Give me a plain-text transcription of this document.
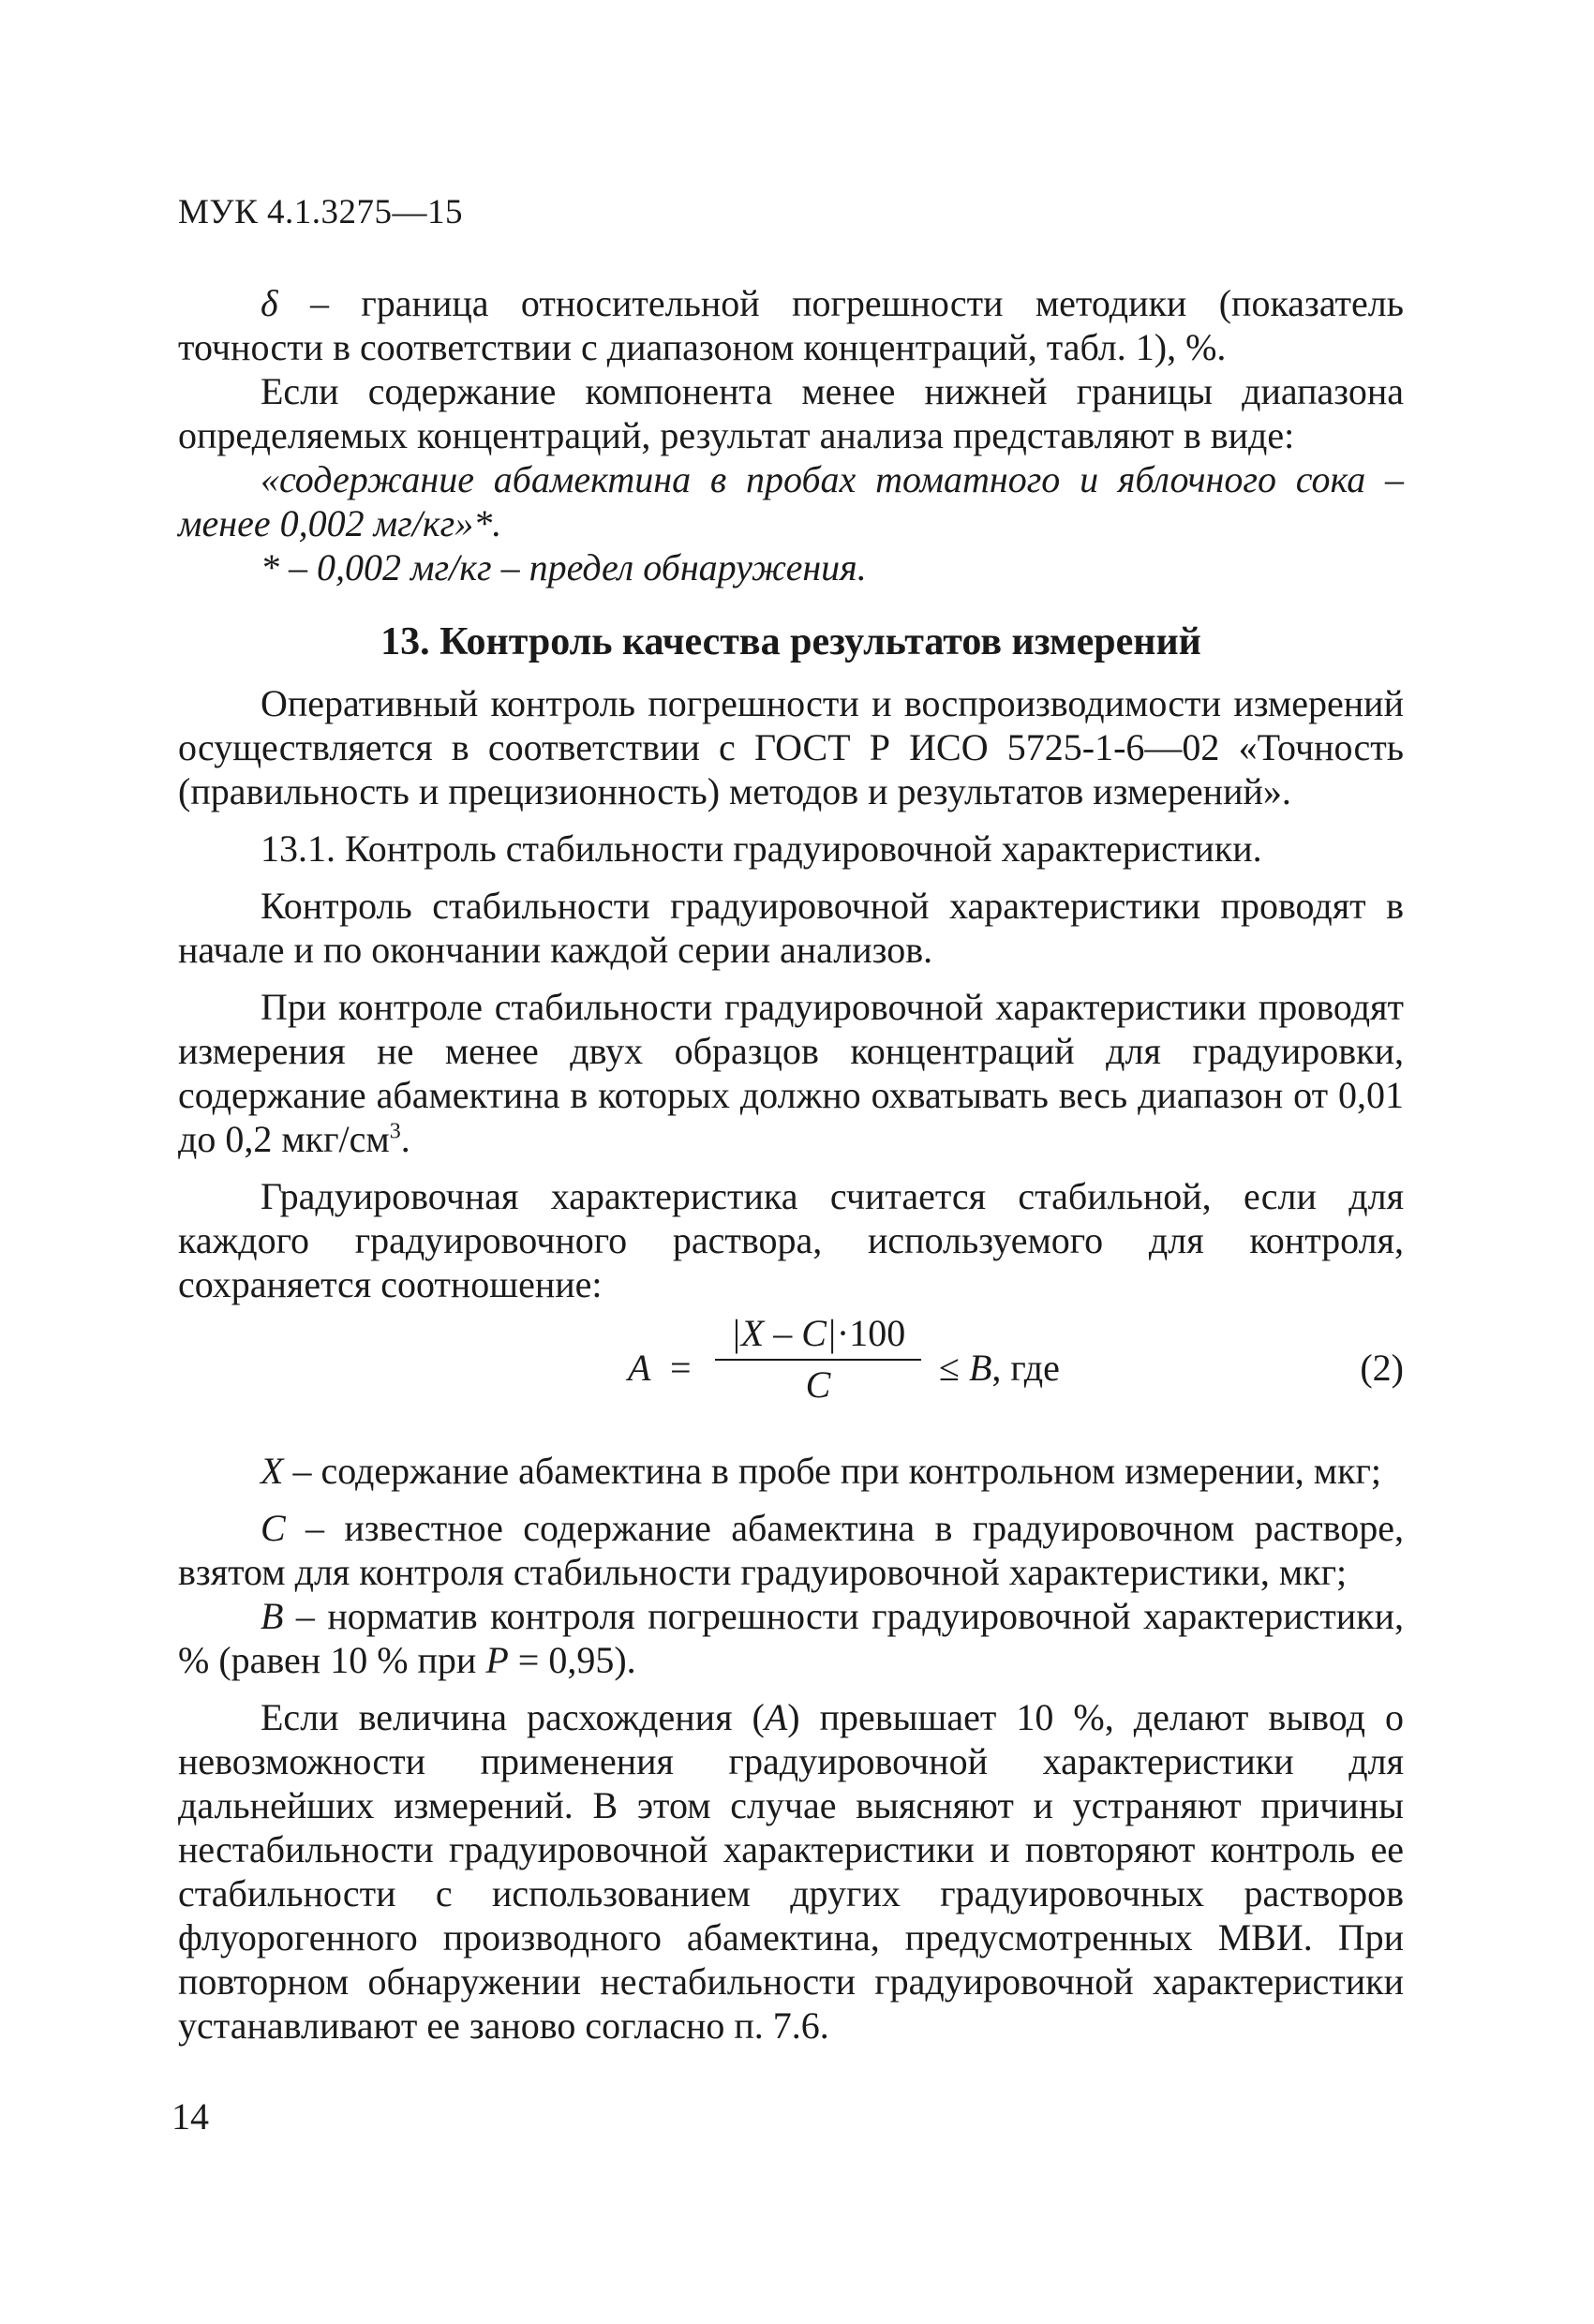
МУК 4.1.3275—15

δ – граница относительной погрешности методики (показатель точности в соответствии с диапазоном концентраций, табл. 1), %.

Если содержание компонента менее нижней границы диапазона определяемых концентраций, результат анализа представляют в виде:

«содержание абамектина в пробах томатного и яблочного сока – менее 0,002 мг/кг»*.

* – 0,002 мг/кг – предел обнаружения.

13. Контроль качества результатов измерений

Оперативный контроль погрешности и воспроизводимости измерений осуществляется в соответствии с ГОСТ Р ИСО 5725-1-6—02 «Точность (правильность и прецизионность) методов и результатов измерений».

13.1. Контроль стабильности градуировочной характеристики.

Контроль стабильности градуировочной характеристики проводят в начале и по окончании каждой серии анализов.

При контроле стабильности градуировочной характеристики проводят измерения не менее двух образцов концентраций для градуировки, содержание абамектина в которых должно охватывать весь диапазон от 0,01 до 0,2 мкг/$см^3$.

Градуировочная характеристика считается стабильной, если для каждого градуировочного раствора, используемого для контроля, сохраняется соотношение:

A =
|X – C|·100
C	≤ B, где	(2)

X – содержание абамектина в пробе при контрольном измерении, мкг;

C – известное содержание абамектина в градуировочном растворе, взятом для контроля стабильности градуировочной характеристики, мкг;

B – норматив контроля погрешности градуировочной характеристики, % (равен 10 % при P = 0,95).

Если величина расхождения (A) превышает 10 %, делают вывод о невозможности применения градуировочной характеристики для дальнейших измерений. В этом случае выясняют и устраняют причины нестабильности градуировочной характеристики и повторяют контроль ее стабильности с использованием других градуировочных растворов флуорогенного производного абамектина, предусмотренных МВИ. При повторном обнаружении нестабильности градуировочной характеристики устанавливают ее заново согласно п. 7.6.

14
